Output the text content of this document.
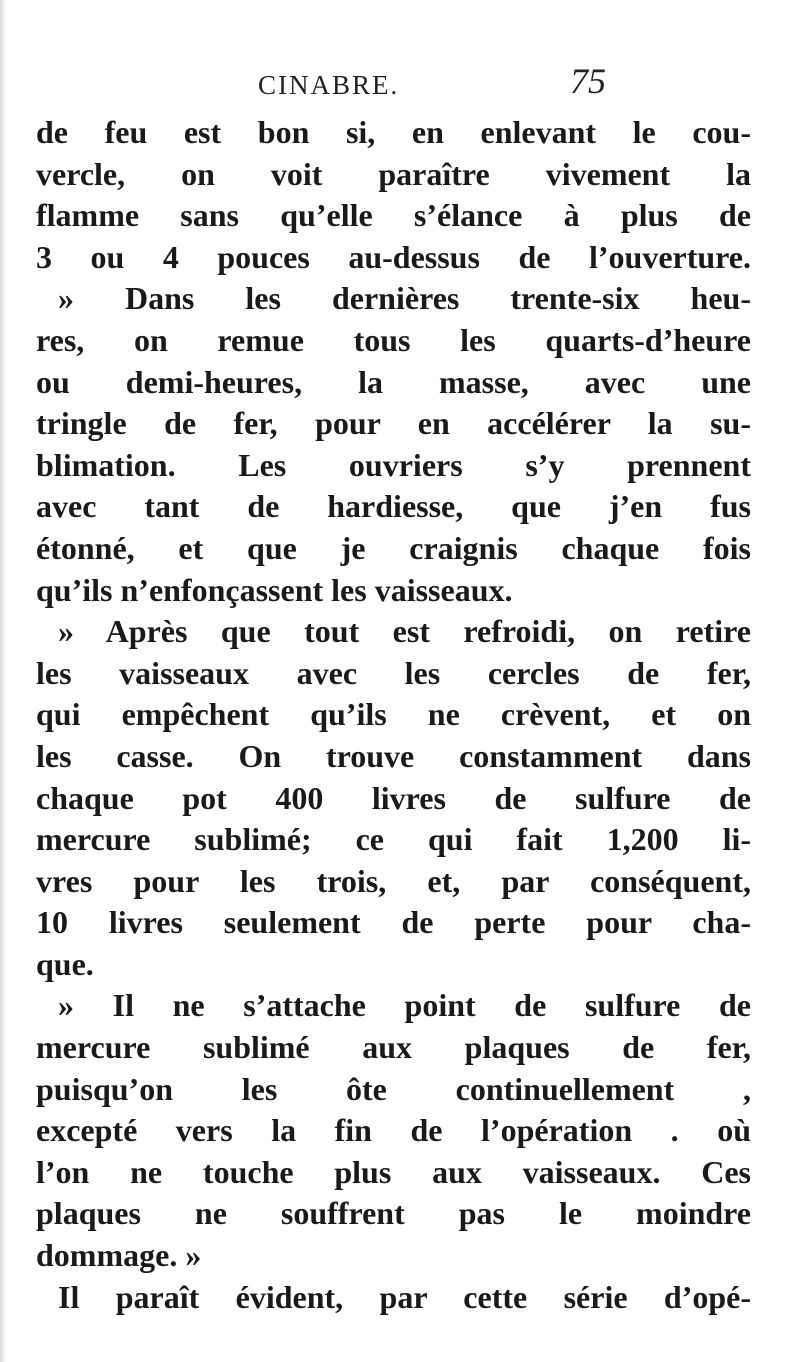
CINABRE.	75
de feu est bon si, en enlevant le cou-
vercle, on voit paraître vivement la
flamme sans qu’elle s’élance à plus de
3 ou 4 pouces au-dessus de l’ouverture.
» Dans les dernières trente-six heu-
res, on remue tous les quarts-d’heure
ou demi-heures, la masse, avec une
tringle de fer, pour en accélérer la su-
blimation. Les ouvriers s’y prennent
avec tant de hardiesse, que j’en fus
étonné, et que je craignis chaque fois
qu’ils n’enfonçassent les vaisseaux.
» Après que tout est refroidi, on retire
les vaisseaux avec les cercles de fer,
qui empêchent qu’ils ne crèvent, et on
les casse. On trouve constamment dans
chaque pot 400 livres de sulfure de
mercure sublimé; ce qui fait 1,200 li-
vres pour les trois, et, par conséquent,
10 livres seulement de perte pour cha-
que.
» Il ne s’attache point de sulfure de
mercure sublimé aux plaques de fer,
puisqu’on les ôte continuellement ,
excepté vers la fin de l’opération . où
l’on ne touche plus aux vaisseaux. Ces
plaques ne souffrent pas le moindre
dommage. »
Il paraît évident, par cette série d’opé-
